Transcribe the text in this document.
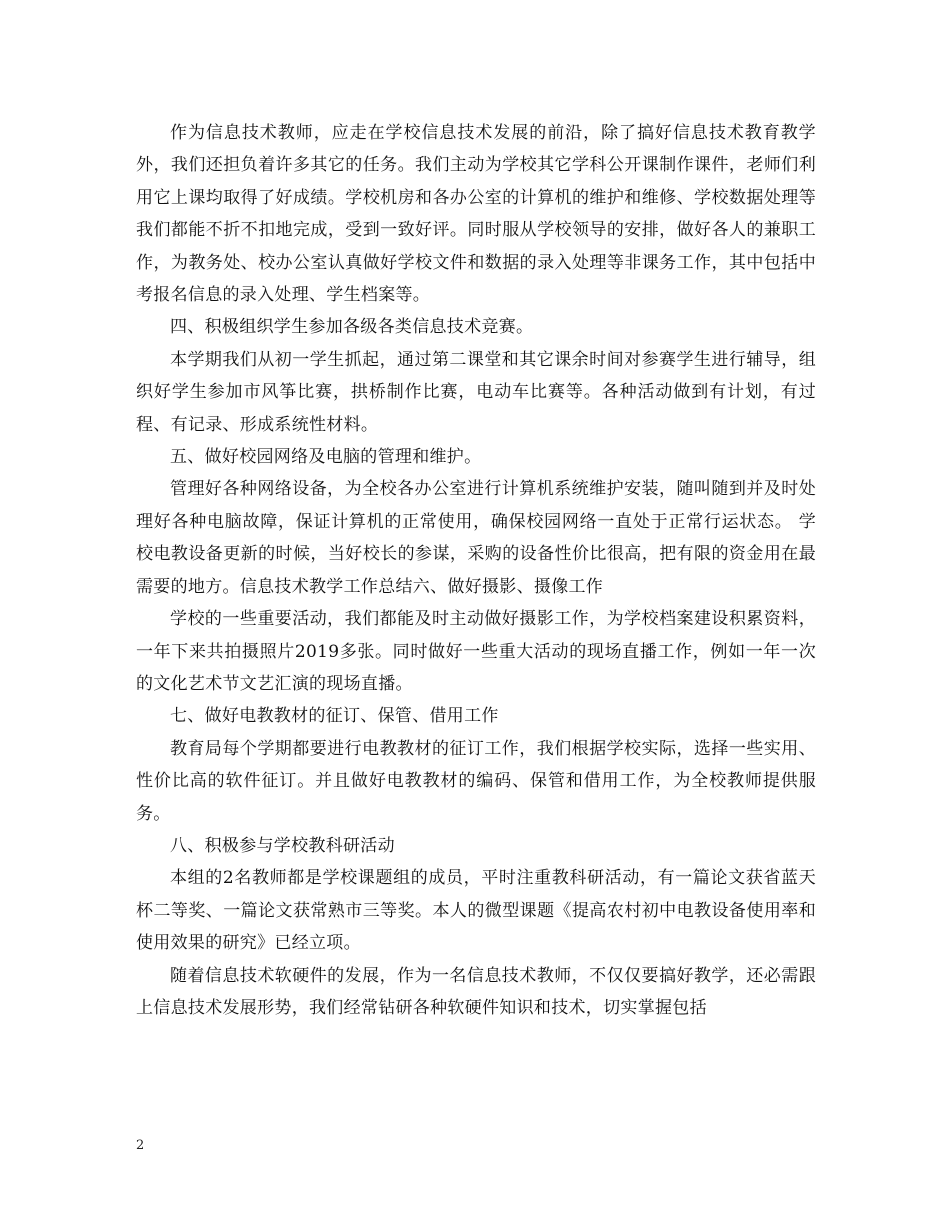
作为信息技术教师，应走在学校信息技术发展的前沿，除了搞好信息技术教育教学外，我们还担负着许多其它的任务。我们主动为学校其它学科公开课制作课件，老师们利用它上课均取得了好成绩。学校机房和各办公室的计算机的维护和维修、学校数据处理等我们都能不折不扣地完成，受到一致好评。同时服从学校领导的安排，做好各人的兼职工作，为教务处、校办公室认真做好学校文件和数据的录入处理等非课务工作，其中包括中考报名信息的录入处理、学生档案等。

四、积极组织学生参加各级各类信息技术竞赛。

本学期我们从初一学生抓起，通过第二课堂和其它课余时间对参赛学生进行辅导，组织好学生参加市风筝比赛，拱桥制作比赛，电动车比赛等。各种活动做到有计划，有过程、有记录、形成系统性材料。

五、做好校园网络及电脑的管理和维护。

管理好各种网络设备，为全校各办公室进行计算机系统维护安装，随叫随到并及时处理好各种电脑故障，保证计算机的正常使用，确保校园网络一直处于正常行运状态。 学校电教设备更新的时候，当好校长的参谋，采购的设备性价比很高，把有限的资金用在最需要的地方。信息技术教学工作总结六、做好摄影、摄像工作

学校的一些重要活动，我们都能及时主动做好摄影工作，为学校档案建设积累资料，一年下来共拍摄照片2019多张。同时做好一些重大活动的现场直播工作，例如一年一次的文化艺术节文艺汇演的现场直播。

七、做好电教教材的征订、保管、借用工作

教育局每个学期都要进行电教教材的征订工作，我们根据学校实际，选择一些实用、性价比高的软件征订。并且做好电教教材的编码、保管和借用工作，为全校教师提供服务。

八、积极参与学校教科研活动

本组的2名教师都是学校课题组的成员，平时注重教科研活动，有一篇论文获省蓝天杯二等奖、一篇论文获常熟市三等奖。本人的微型课题《提高农村初中电教设备使用率和使用效果的研究》已经立项。

随着信息技术软硬件的发展，作为一名信息技术教师，不仅仅要搞好教学，还必需跟上信息技术发展形势，我们经常钻研各种软硬件知识和技术，切实掌握包括

2
